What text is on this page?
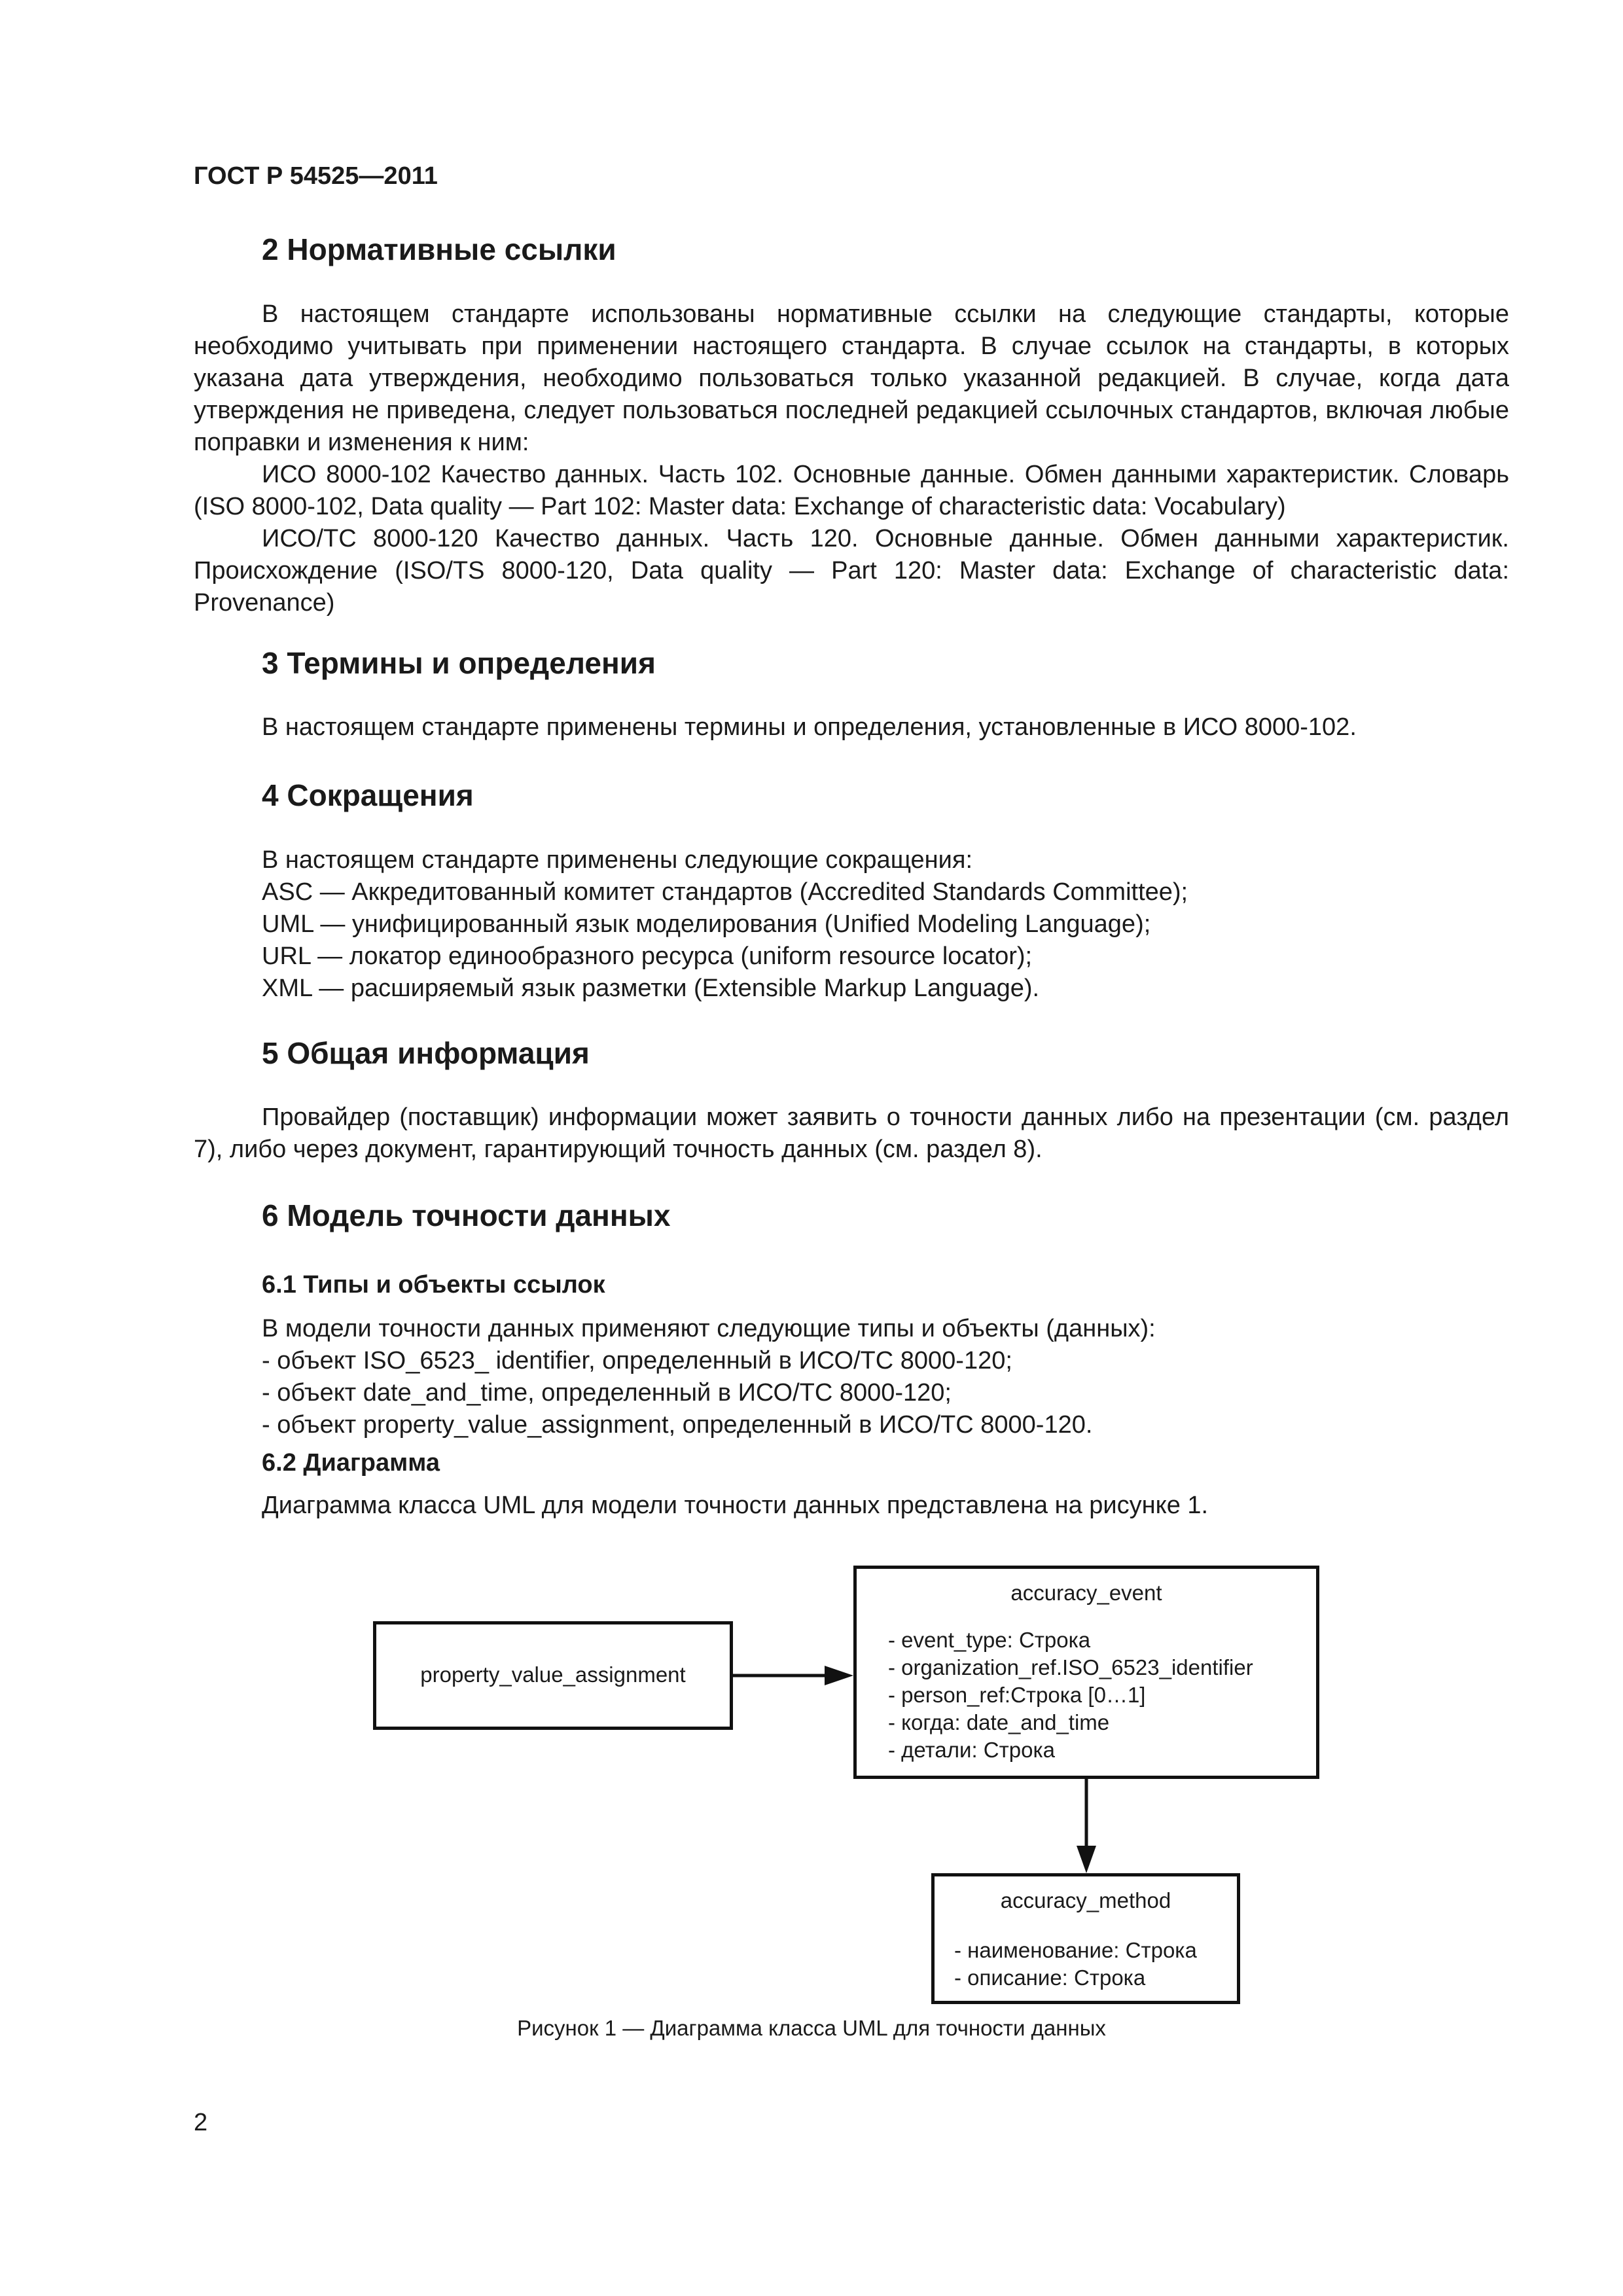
ГОСТ Р 54525—2011
2 Нормативные ссылки

В настоящем стандарте использованы нормативные ссылки на следующие стандарты, которые необходимо учитывать при применении настоящего стандарта. В случае ссылок на стандарты, в которых указана дата утверждения, необходимо пользоваться только указанной редакцией. В случае, когда дата утверждения не приведена, следует пользоваться последней редакцией ссылочных стандартов, включая любые поправки и изменения к ним:

ИСО 8000-102 Качество данных. Часть 102. Основные данные. Обмен данными характеристик. Словарь (ISO 8000-102, Data quality — Part 102: Master data: Exchange of characteristic data: Vocabulary)

ИСО/ТС 8000-120 Качество данных. Часть 120. Основные данные. Обмен данными характеристик. Происхождение (ISO/TS 8000-120, Data quality — Part 120: Master data: Exchange of characteristic data: Provenance)

3 Термины и определения
В настоящем стандарте применены термины и определения, установленные в ИСО 8000-102.
4 Сокращения
В настоящем стандарте применены следующие сокращения:
ASC — Аккредитованный комитет стандартов (Accredited Standards Committee);
UML — унифицированный язык моделирования (Unified Modeling Language);
URL — локатор единообразного ресурса (uniform resource locator);
XML — расширяемый язык разметки (Extensible Markup Language).
5 Общая информация

Провайдер (поставщик) информации может заявить о точности данных либо на презентации (см. раздел 7), либо через документ, гарантирующий точность данных (см. раздел 8).

6 Модель точности данных
6.1 Типы и объекты ссылок
В модели точности данных применяют следующие типы и объекты (данных):
- объект ISO_6523_ identifier, определенный в ИСО/ТС 8000-120;
- объект date_and_time, определенный в ИСО/ТС 8000-120;
- объект property_value_assignment, определенный в ИСО/ТС 8000-120.
6.2 Диаграмма
Диаграмма класса UML для модели точности данных представлена на рисунке 1.
property_value_assignment
accuracy_event
- event_type: Строка
- organization_ref.ISO_6523_identifier
- person_ref:Строка [0…1]
- когда: date_and_time
- детали: Строка
accuracy_method
- наименование: Строка
- описание: Строка
Рисунок 1 — Диаграмма класса UML для точности данных
2
